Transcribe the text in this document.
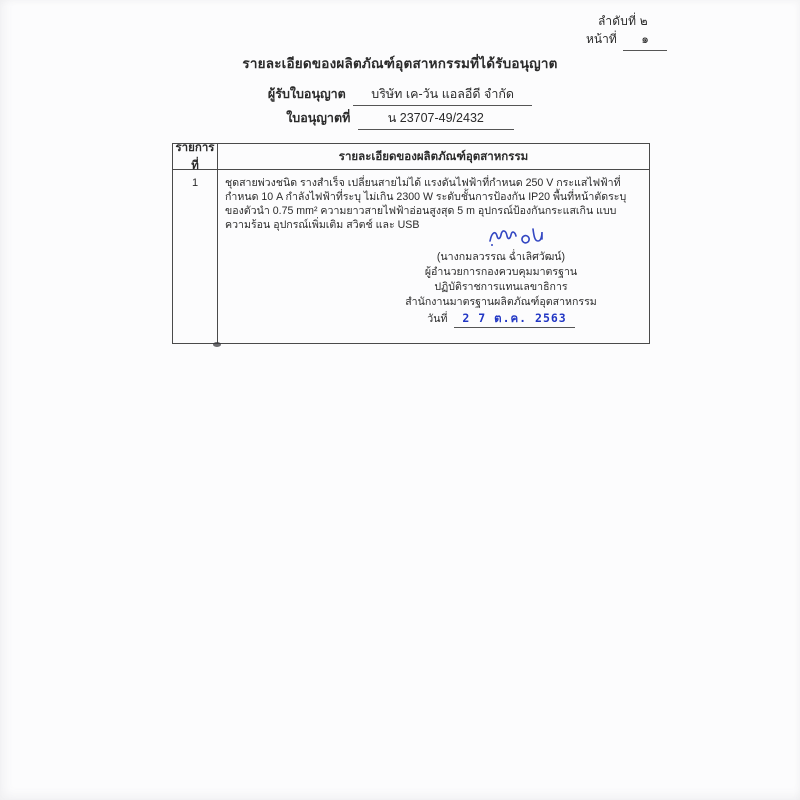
ลำดับที่ ๒
หน้าที่ ๑
รายละเอียดของผลิตภัณฑ์อุตสาหกรรมที่ได้รับอนุญาต
ผู้รับใบอนุญาต บริษัท เค-วัน แอลอีดี จำกัด
ใบอนุญาตที่	น 23707-49/2432
รายการที่
รายละเอียดของผลิตภัณฑ์อุตสาหกรรม
1	ชุดสายพ่วงชนิด รางสำเร็จ เปลี่ยนสายไม่ได้ แรงดันไฟฟ้าที่กำหนด 250 V กระแสไฟฟ้าที่กำหนด 10 A กำลังไฟฟ้าที่ระบุ ไม่เกิน 2300 W ระดับชั้นการป้องกัน IP20 พื้นที่หน้าตัดระบุของตัวนำ 0.75 mm² ความยาวสายไฟฟ้าอ่อนสูงสุด 5 m อุปกรณ์ป้องกันกระแสเกิน แบบความร้อน อุปกรณ์เพิ่มเติม สวิตช์ และ USB
(นางกมลวรรณ ฉ่ำเลิศวัฒน์)
ผู้อำนวยการกองควบคุมมาตรฐาน
ปฏิบัติราชการแทนเลขาธิการ
สำนักงานมาตรฐานผลิตภัณฑ์อุตสาหกรรม
วันที่ 2 7 ต.ค. 2563
